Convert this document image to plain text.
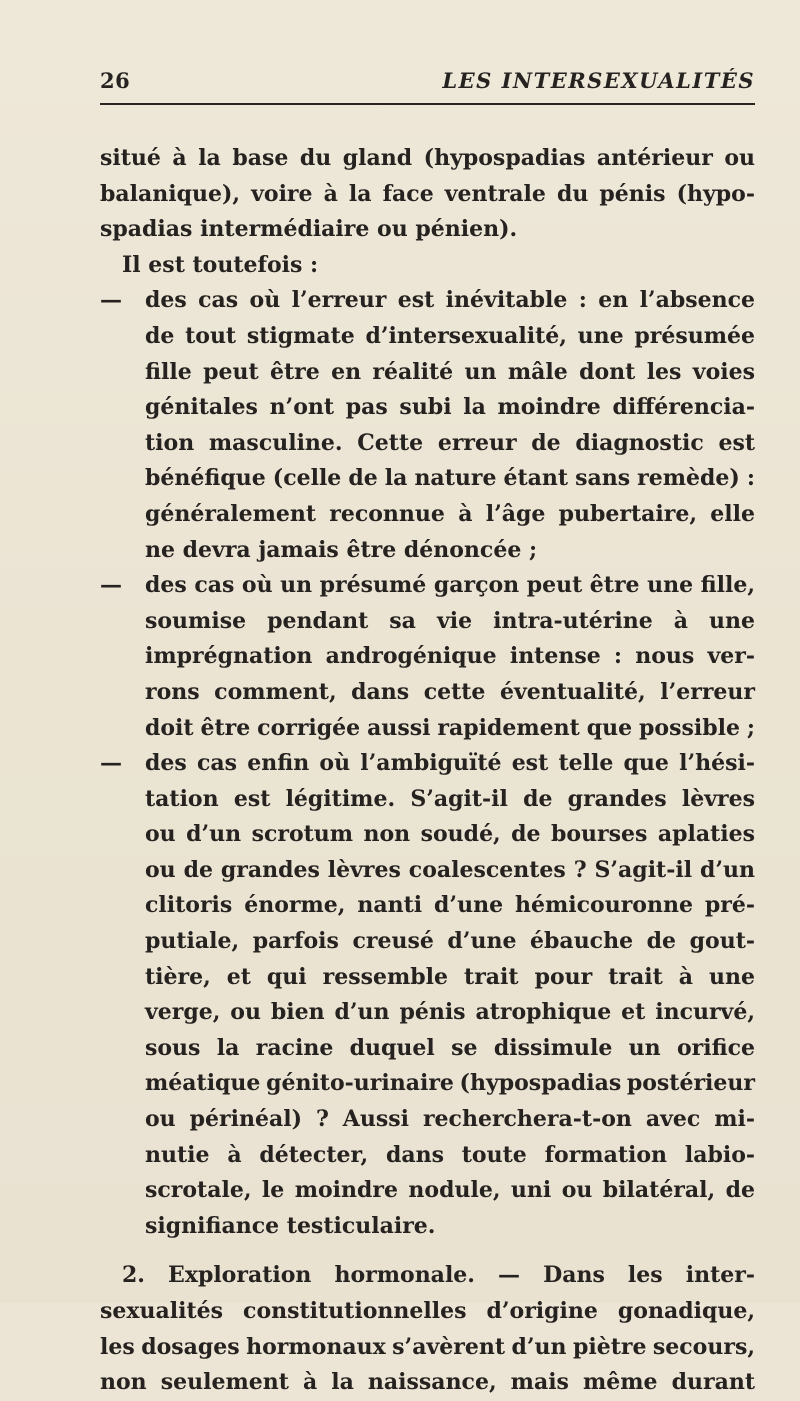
26	LES INTERSEXUALITÉS
situé à la base du gland (hypospadias antérieur ou
balanique), voire à la face ventrale du pénis (hypo-
spadias intermédiaire ou pénien).
Il est toutefois :
— des cas où l’erreur est inévitable : en l’absence
de tout stigmate d’intersexualité, une présumée
fille peut être en réalité un mâle dont les voies
génitales n’ont pas subi la moindre différencia-
tion masculine. Cette erreur de diagnostic est
bénéfique (celle de la nature étant sans remède) :
généralement reconnue à l’âge pubertaire, elle
ne devra jamais être dénoncée ;
— des cas où un présumé garçon peut être une fille,
soumise pendant sa vie intra-utérine à une
imprégnation androgénique intense : nous ver-
rons comment, dans cette éventualité, l’erreur
doit être corrigée aussi rapidement que possible ;
— des cas enfin où l’ambiguïté est telle que l’hési-
tation est légitime. S’agit-il de grandes lèvres
ou d’un scrotum non soudé, de bourses aplaties
ou de grandes lèvres coalescentes ? S’agit-il d’un
clitoris énorme, nanti d’une hémicouronne pré-
putiale, parfois creusé d’une ébauche de gout-
tière, et qui ressemble trait pour trait à une
verge, ou bien d’un pénis atrophique et incurvé,
sous la racine duquel se dissimule un orifice
méatique génito-urinaire (hypospadias postérieur
ou périnéal) ? Aussi recherchera-t-on avec mi-
nutie à détecter, dans toute formation labio-
scrotale, le moindre nodule, uni ou bilatéral, de
signifiance testiculaire.
2. Exploration hormonale. — Dans les inter-
sexualités constitutionnelles d’origine gonadique,
les dosages hormonaux s’avèrent d’un piètre secours,
non seulement à la naissance, mais même durant
